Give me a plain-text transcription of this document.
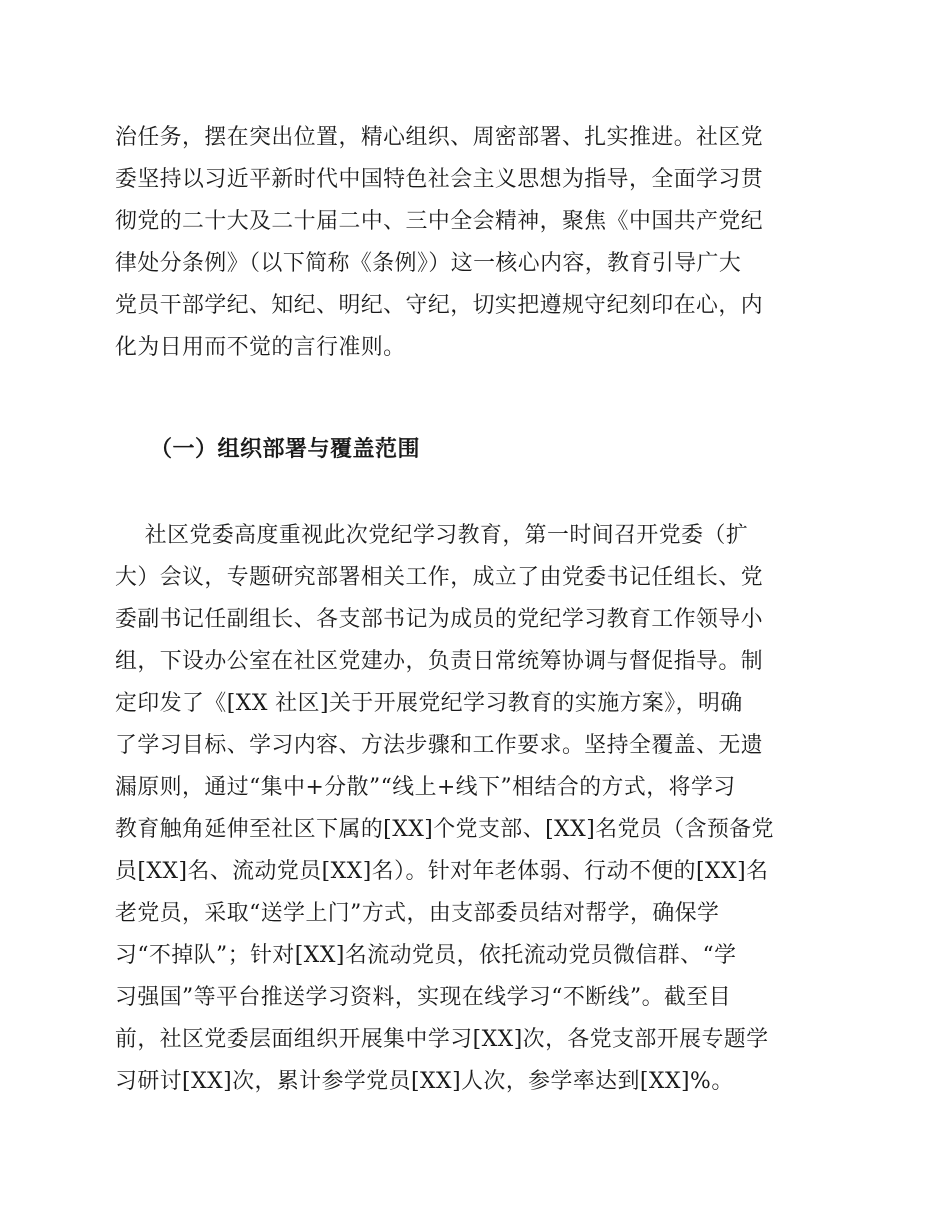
治任务，摆在突出位置，精心组织、周密部署、扎实推进。社区党
委坚持以习近平新时代中国特色社会主义思想为指导，全面学习贯
彻党的二十大及二十届二中、三中全会精神，聚焦《中国共产党纪
律处分条例》（以下简称《条例》）这一核心内容，教育引导广大
党员干部学纪、知纪、明纪、守纪，切实把遵规守纪刻印在心，内
化为日用而不觉的言行准则。
（一）组织部署与覆盖范围
社区党委高度重视此次党纪学习教育，第一时间召开党委（扩
大）会议，专题研究部署相关工作，成立了由党委书记任组长、党
委副书记任副组长、各支部书记为成员的党纪学习教育工作领导小
组，下设办公室在社区党建办，负责日常统筹协调与督促指导。制
定印发了《[XX 社区]关于开展党纪学习教育的实施方案》，明确
了学习目标、学习内容、方法步骤和工作要求。坚持全覆盖、无遗
漏原则，通过“集中+分散”“线上+线下”相结合的方式，将学习
教育触角延伸至社区下属的[XX]个党支部、[XX]名党员（含预备党
员[XX]名、流动党员[XX]名）。针对年老体弱、行动不便的[XX]名
老党员，采取“送学上门”方式，由支部委员结对帮学，确保学
习“不掉队”；针对[XX]名流动党员，依托流动党员微信群、“学
习强国”等平台推送学习资料，实现在线学习“不断线”。截至目
前，社区党委层面组织开展集中学习[XX]次，各党支部开展专题学
习研讨[XX]次，累计参学党员[XX]人次，参学率达到[XX]%。
